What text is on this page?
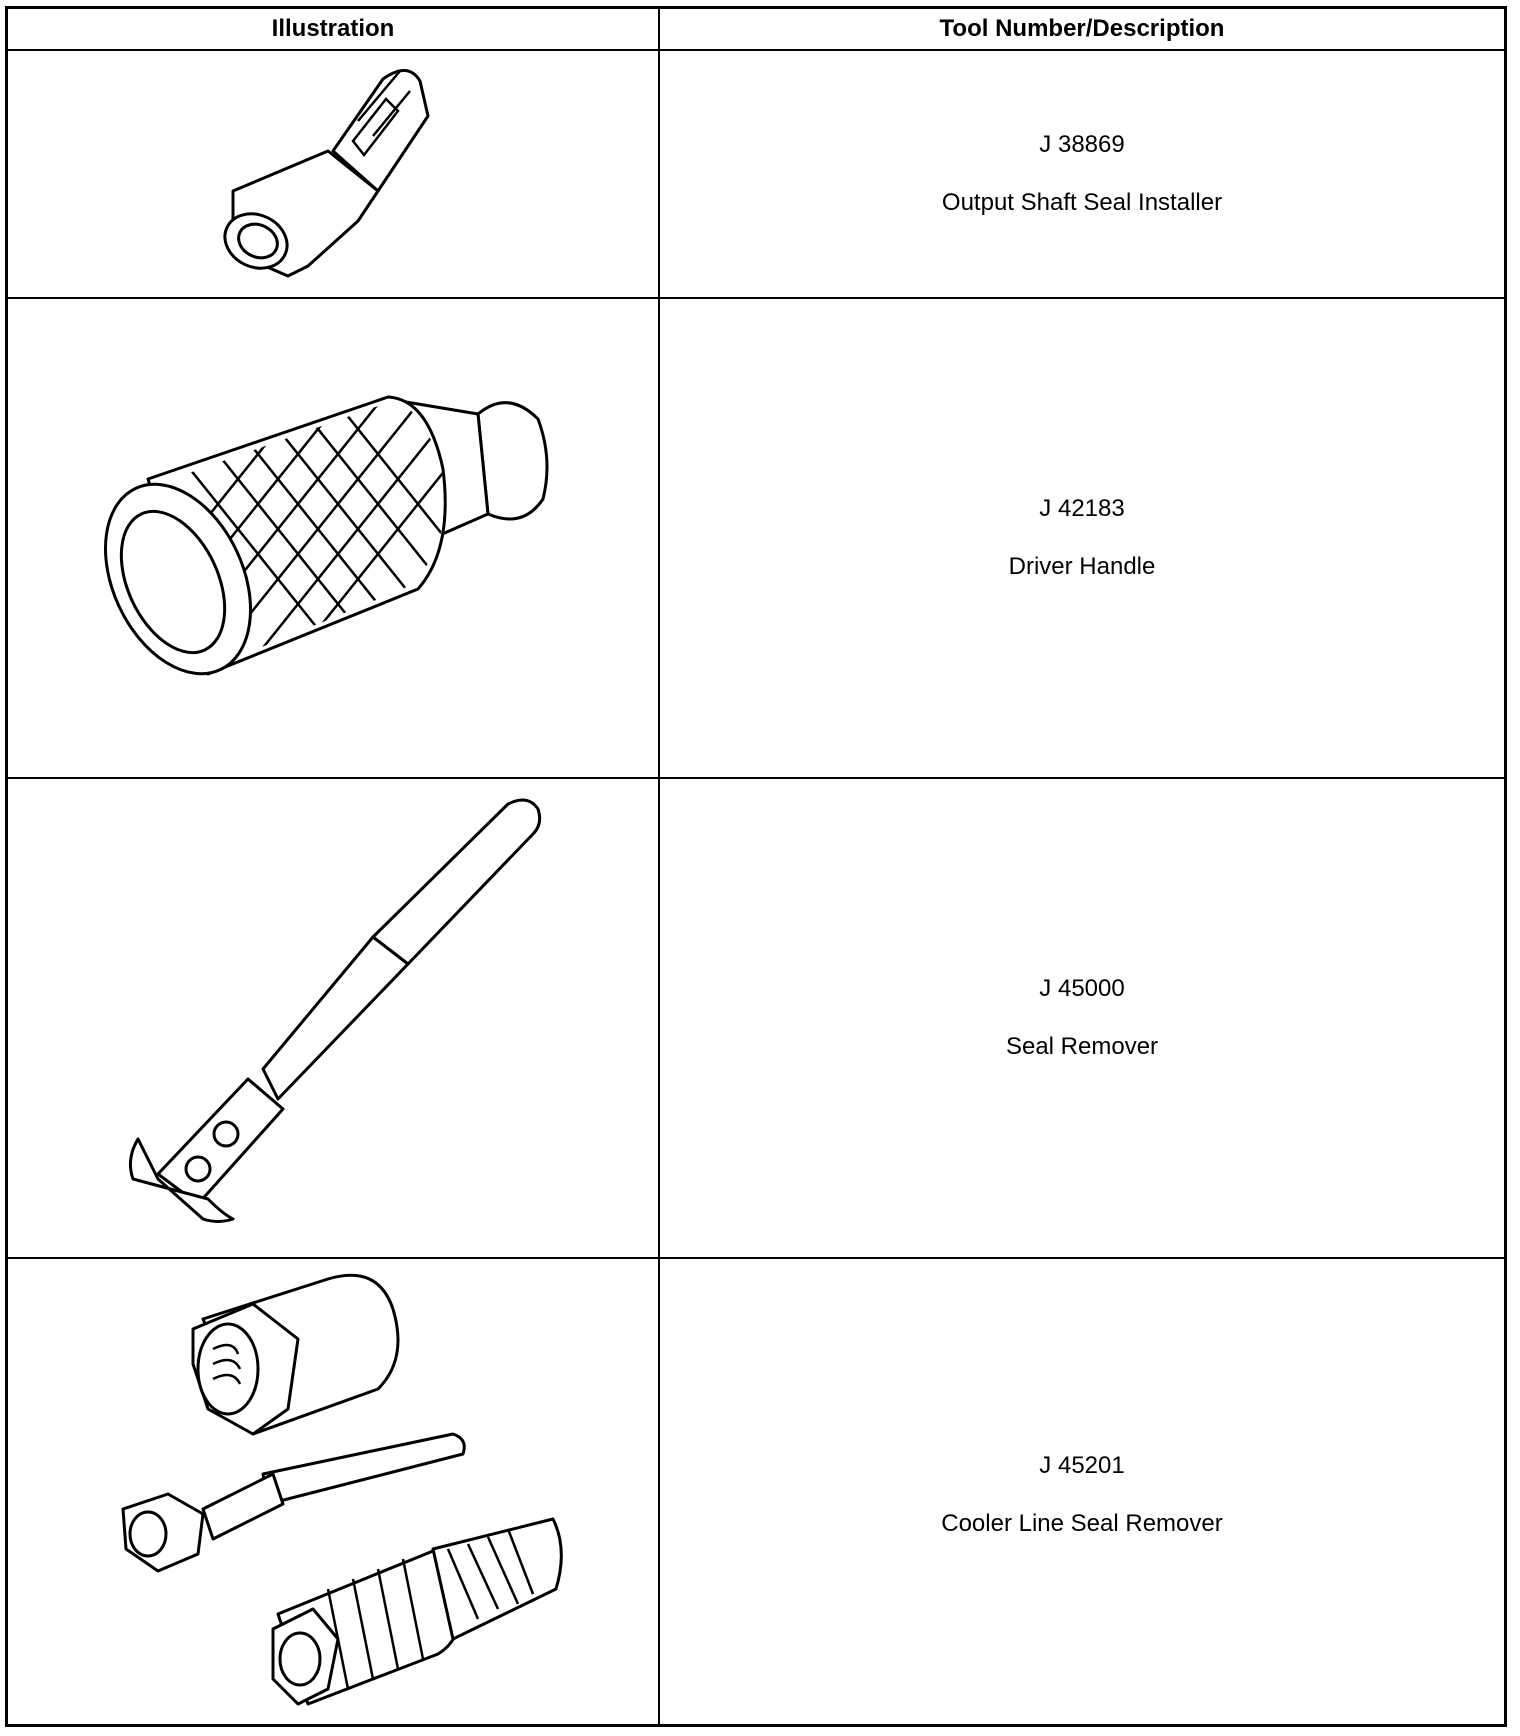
Illustration	Tool Number/Description
J 38869
Output Shaft Seal Installer
J 42183
Driver Handle
J 45000
Seal Remover
J 45201
Cooler Line Seal Remover
